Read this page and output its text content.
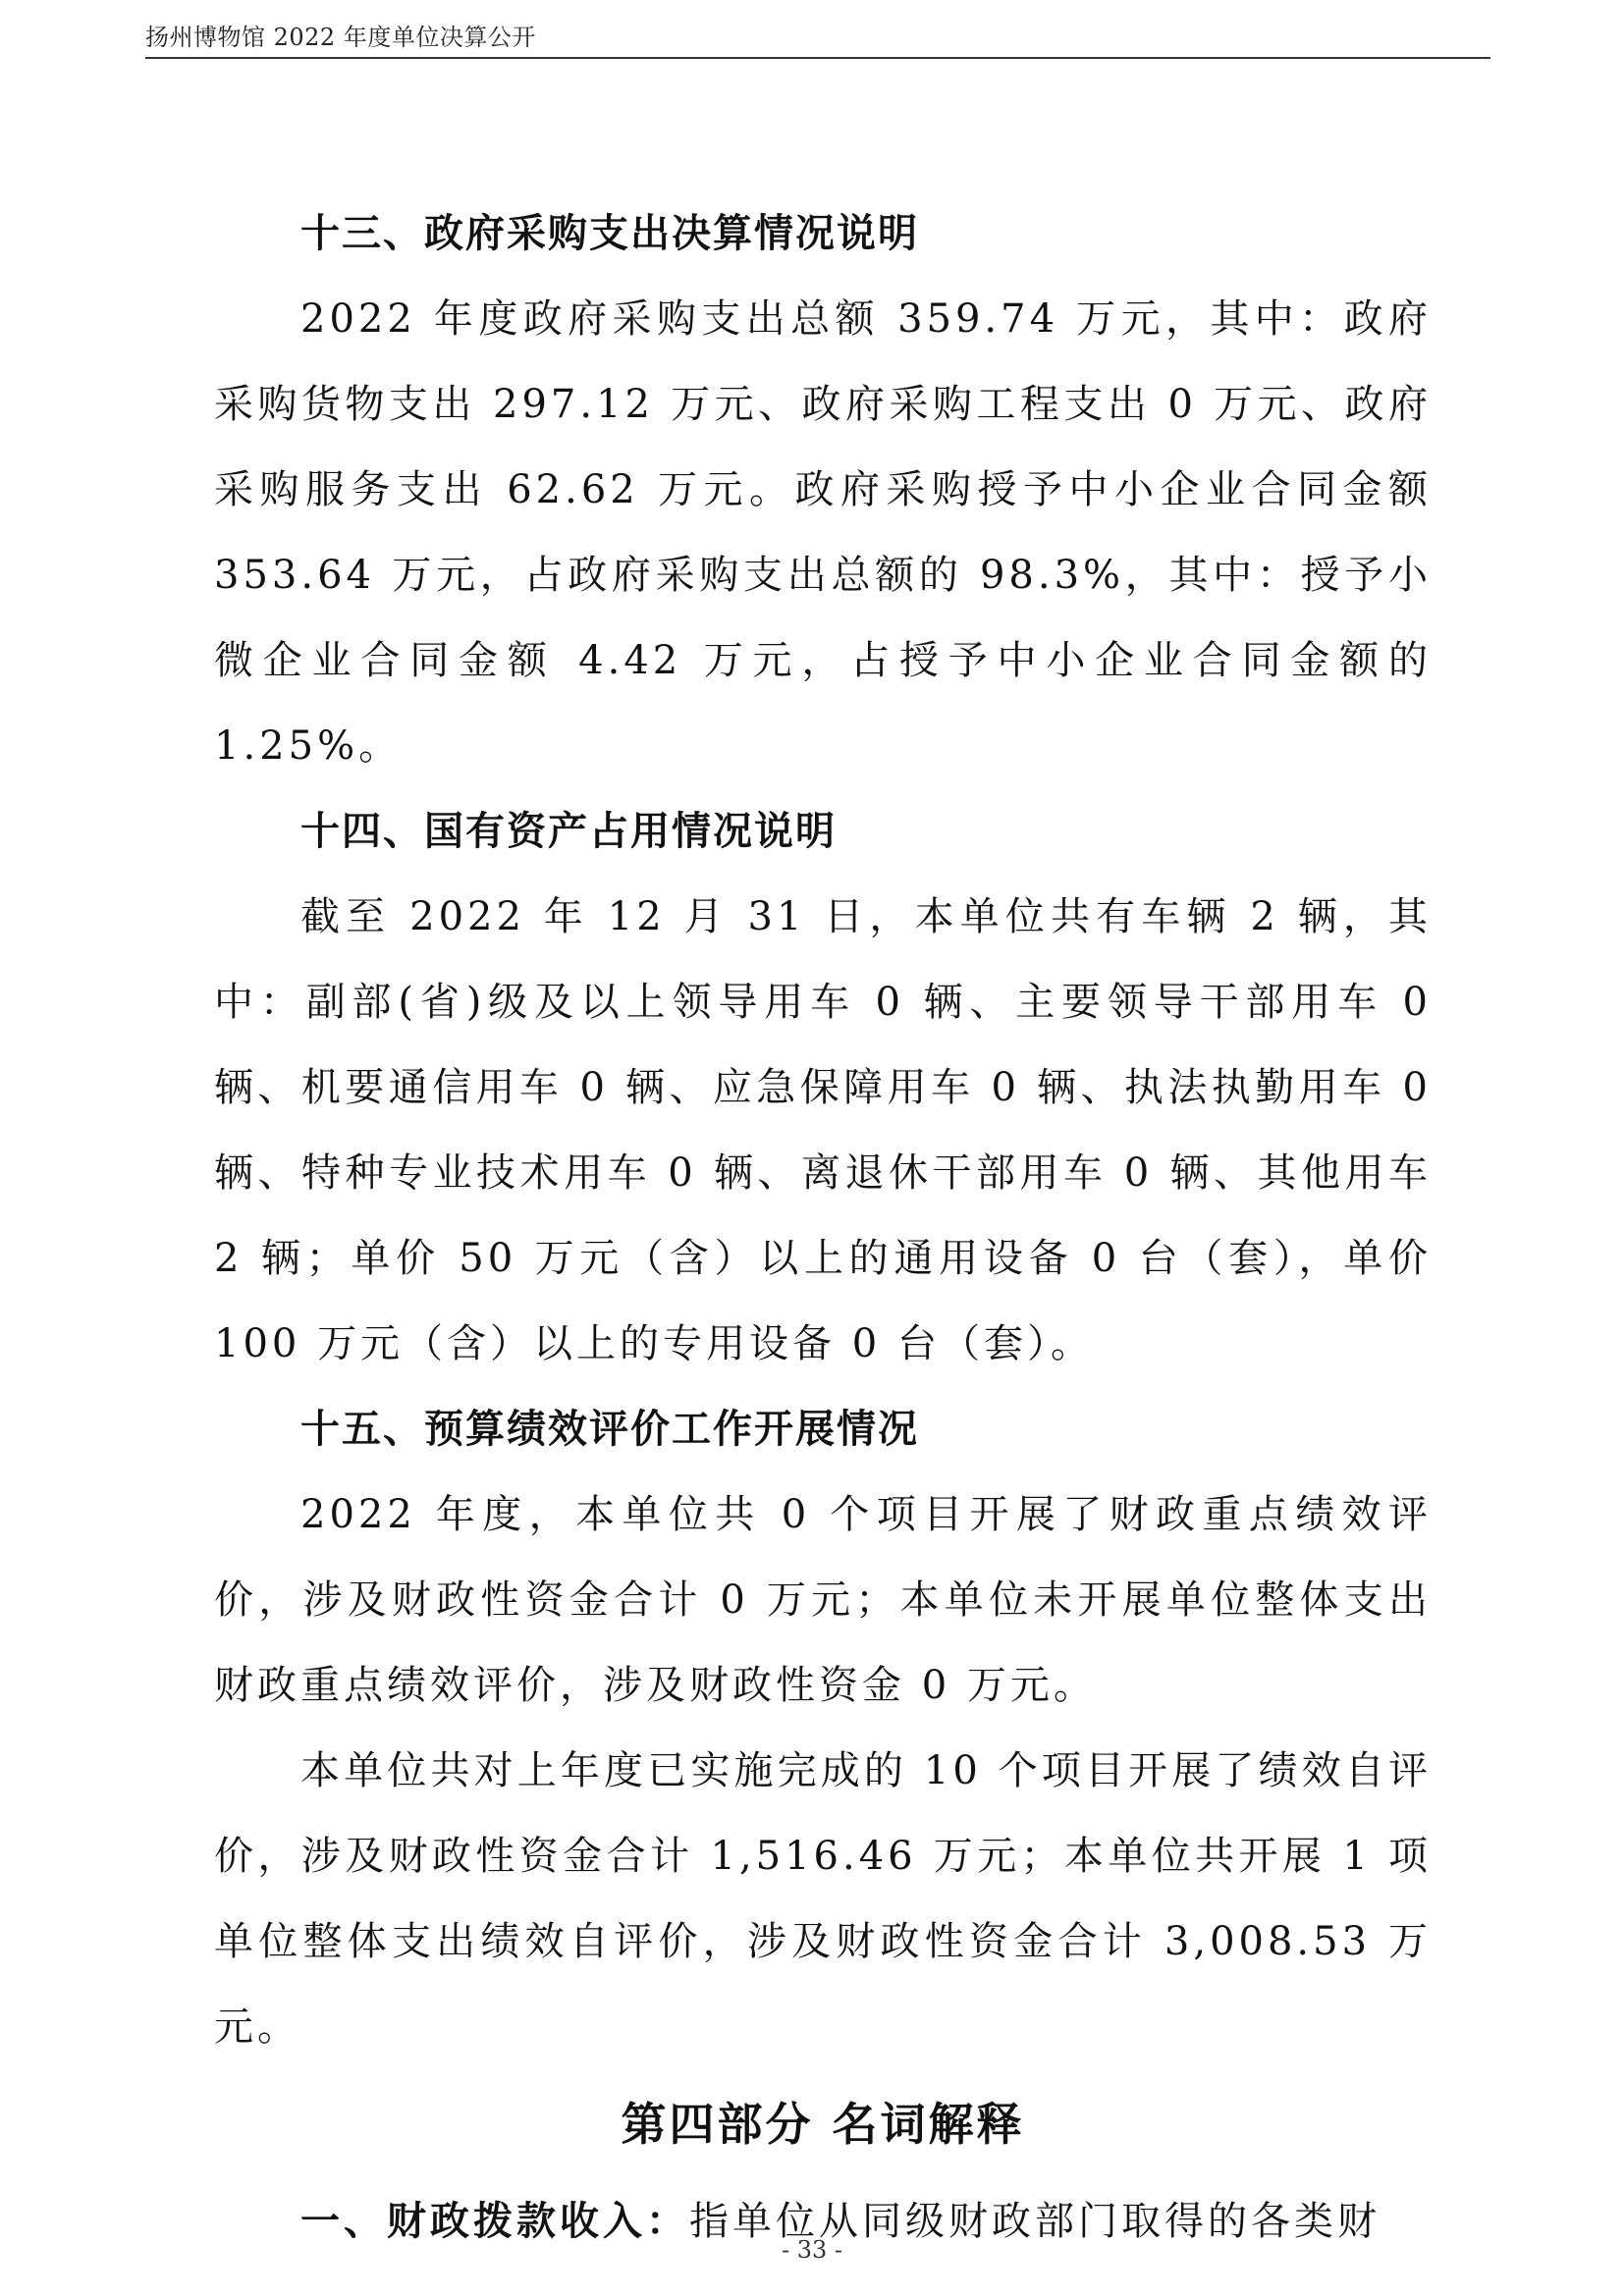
扬州博物馆 2022 年度单位决算公开
十三、政府采购支出决算情况说明

2022 年度政府采购支出总额 359.74 万元，其中：政府采购货物支出 297.12 万元、政府采购工程支出 0 万元、政府采购服务支出 62.62 万元。政府采购授予中小企业合同金额 353.64 万元，占政府采购支出总额的 98.3%，其中：授予小微企业合同金额 4.42 万元，占授予中小企业合同金额的 1.25%。

十四、国有资产占用情况说明

截至 2022 年 12 月 31 日，本单位共有车辆 2 辆，其中：副部(省)级及以上领导用车 0 辆、主要领导干部用车 0 辆、机要通信用车 0 辆、应急保障用车 0 辆、执法执勤用车 0 辆、特种专业技术用车 0 辆、离退休干部用车 0 辆、其他用车 2 辆；单价 50 万元（含）以上的通用设备 0 台（套），单价 100 万元（含）以上的专用设备 0 台（套）。

十五、预算绩效评价工作开展情况

2022 年度，本单位共 0 个项目开展了财政重点绩效评价，涉及财政性资金合计 0 万元；本单位未开展单位整体支出财政重点绩效评价，涉及财政性资金 0 万元。

本单位共对上年度已实施完成的 10 个项目开展了绩效自评价，涉及财政性资金合计 1,516.46 万元；本单位共开展 1 项单位整体支出绩效自评价，涉及财政性资金合计 3,008.53 万元。

第四部分 名词解释

一、财政拨款收入：指单位从同级财政部门取得的各类财

- 33 -
